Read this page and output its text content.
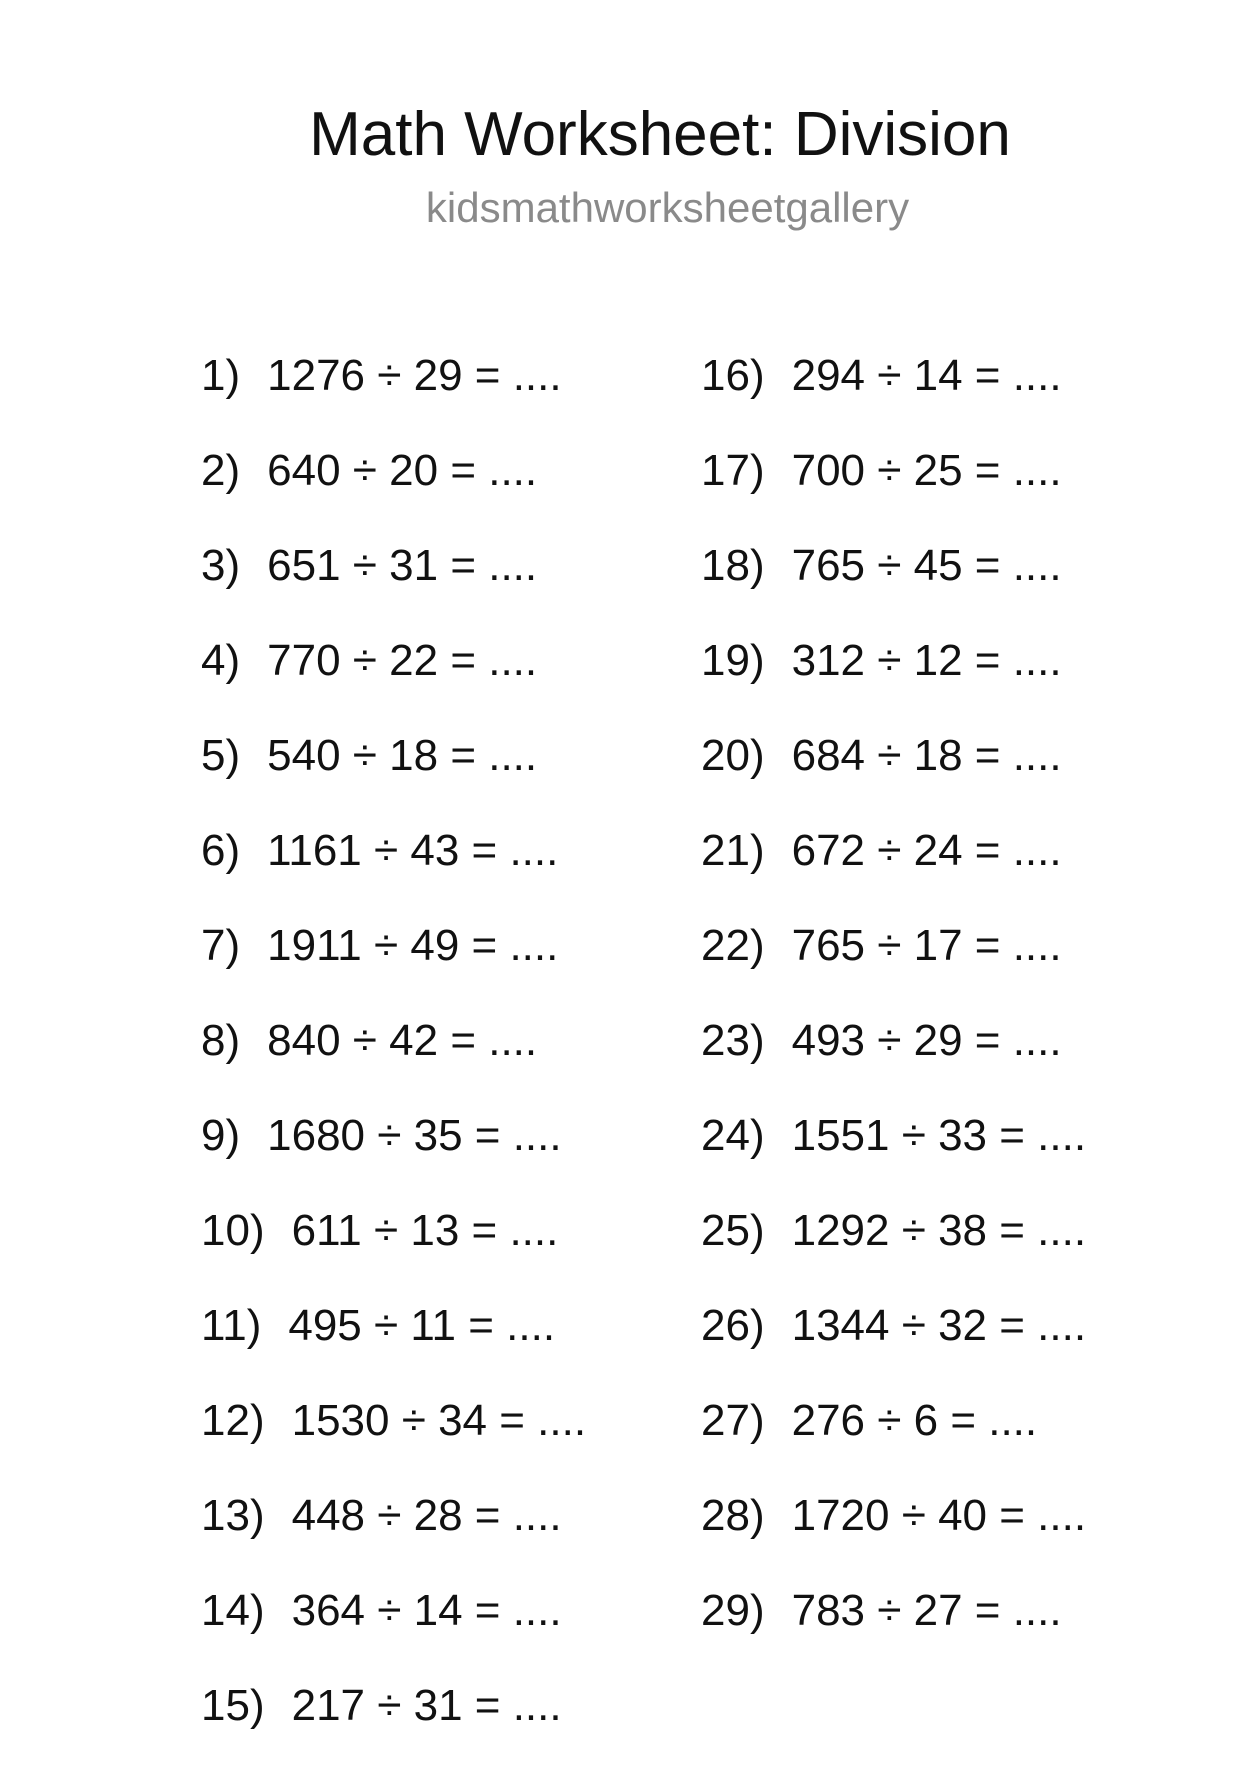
Math Worksheet: Division
kidsmathworksheetgallery
1 ) 1276 ÷ 29 = ....
2 ) 640 ÷ 20 = ....
3 ) 651 ÷ 31 = ....
4 ) 770 ÷ 22 = ....
5 ) 540 ÷ 18 = ....
6 ) 1161 ÷ 43 = ....
7 ) 1911 ÷ 49 = ....
8 ) 840 ÷ 42 = ....
9 ) 1680 ÷ 35 = ....
10 ) 611 ÷ 13 = ....
11 ) 495 ÷ 11 = ....
12 ) 1530 ÷ 34 = ....
13 ) 448 ÷ 28 = ....
14 ) 364 ÷ 14 = ....
15 ) 217 ÷ 31 = ....
16 ) 294 ÷ 14 = ....
17 ) 700 ÷ 25 = ....
18 ) 765 ÷ 45 = ....
19 ) 312 ÷ 12 = ....
20 ) 684 ÷ 18 = ....
21 ) 672 ÷ 24 = ....
22 ) 765 ÷ 17 = ....
23 ) 493 ÷ 29 = ....
24 ) 1551 ÷ 33 = ....
25 ) 1292 ÷ 38 = ....
26 ) 1344 ÷ 32 = ....
27 ) 276 ÷ 6 = ....
28 ) 1720 ÷ 40 = ....
29 ) 783 ÷ 27 = ....
